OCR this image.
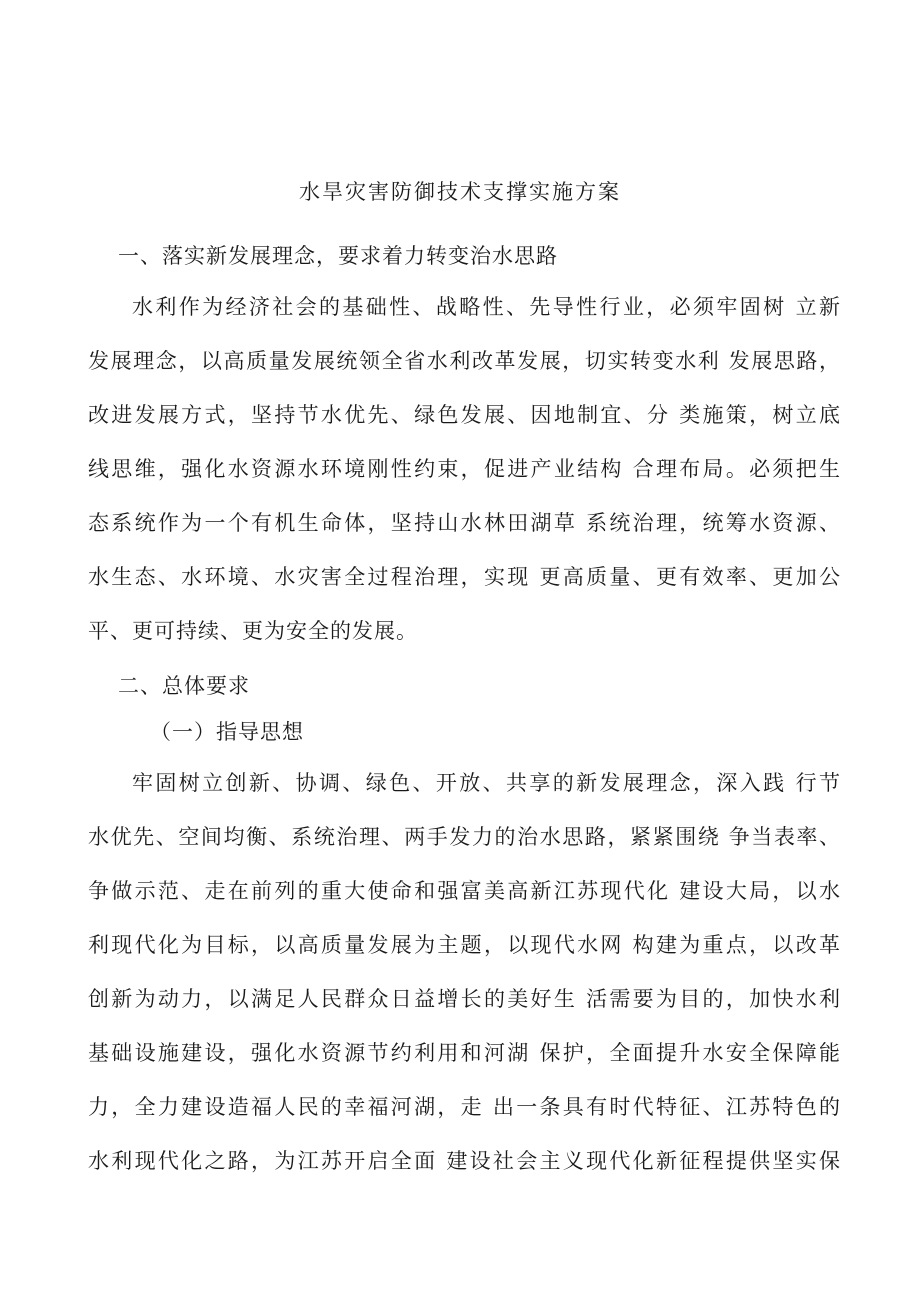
水旱灾害防御技术支撑实施方案
一、落实新发展理念，要求着力转变治水思路
水利作为经济社会的基础性、战略性、先导性行业，必须牢固树 立新
发展理念，以高质量发展统领全省水利改革发展，切实转变水利 发展思路，
改进发展方式，坚持节水优先、绿色发展、因地制宜、分 类施策，树立底
线思维，强化水资源水环境刚性约束，促进产业结构 合理布局。必须把生
态系统作为一个有机生命体，坚持山水林田湖草 系统治理，统筹水资源、
水生态、水环境、水灾害全过程治理，实现 更高质量、更有效率、更加公
平、更可持续、更为安全的发展。
二、总体要求
（一）指导思想
牢固树立创新、协调、绿色、开放、共享的新发展理念，深入践 行节
水优先、空间均衡、系统治理、两手发力的治水思路，紧紧围绕 争当表率、
争做示范、走在前列的重大使命和强富美高新江苏现代化 建设大局，以水
利现代化为目标，以高质量发展为主题，以现代水网 构建为重点，以改革
创新为动力，以满足人民群众日益增长的美好生 活需要为目的，加快水利
基础设施建设，强化水资源节约利用和河湖 保护，全面提升水安全保障能
力，全力建设造福人民的幸福河湖，走 出一条具有时代特征、江苏特色的
水利现代化之路，为江苏开启全面 建设社会主义现代化新征程提供坚实保
